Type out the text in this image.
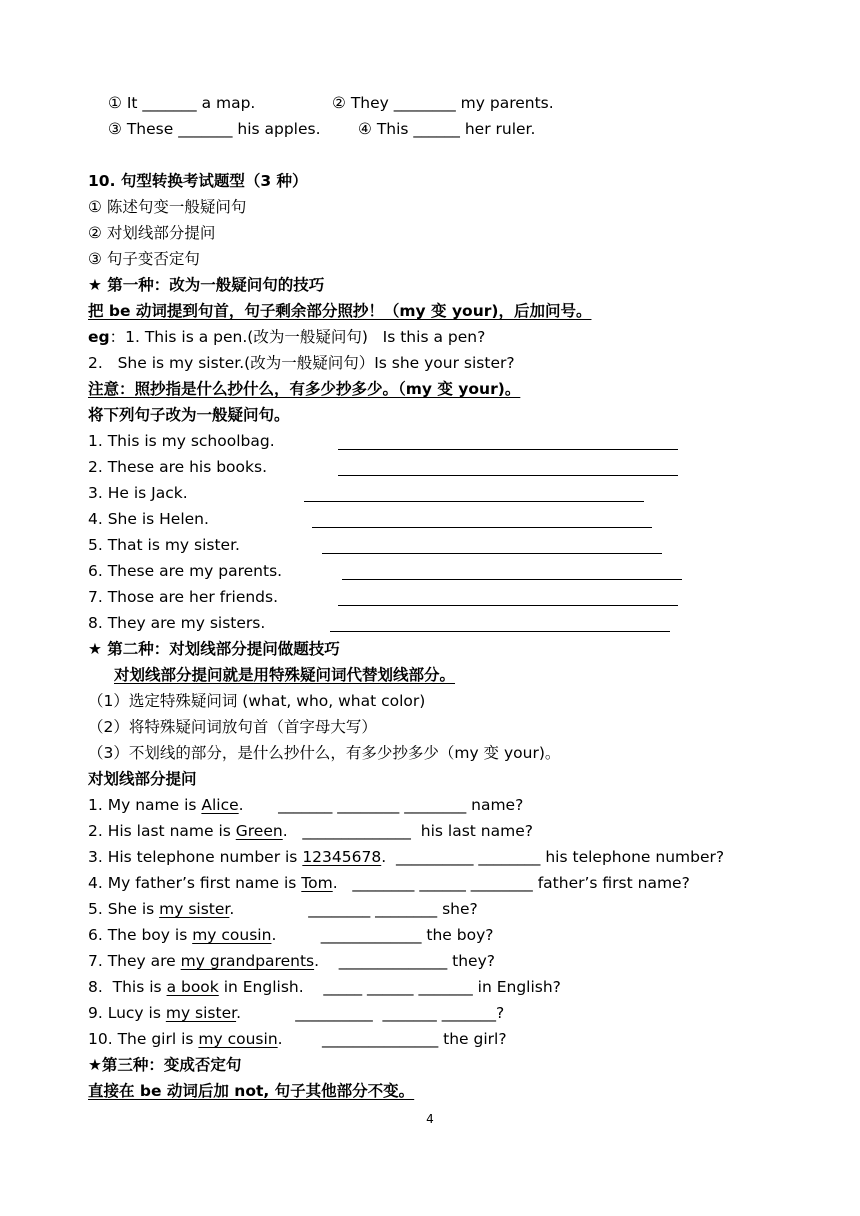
① It _______ a map.	② They ________ my parents.
③ These _______ his apples. ④ This ______ her ruler.
10. 句型转换考试题型（3 种）
① 陈述句变一般疑问句
② 对划线部分提问
③ 句子变否定句
★ 第一种：改为一般疑问句的技巧
把 be 动词提到句首，句子剩余部分照抄！（my 变 your)，后加问号。
eg：1. This is a pen.(改为一般疑问句)   Is this a pen?
2.   She is my sister.(改为一般疑问句）Is she your sister?
注意：照抄指是什么抄什么，有多少抄多少。（my 变 your)。
将下列句子改为一般疑问句。
1. This is my schoolbag.
2. These are his books.
3. He is Jack.
4. She is Helen.
5. That is my sister.
6. These are my parents.
7. Those are her friends.
8. They are my sisters.
★ 第二种：对划线部分提问做题技巧
对划线部分提问就是用特殊疑问词代替划线部分。
（1）选定特殊疑问词 (what, who, what color)
（2）将特殊疑问词放句首（首字母大写）
（3）不划线的部分，是什么抄什么，有多少抄多少（my 变 your)。
对划线部分提问
1. My name is Alice.       _______ ________ ________ name?
2. His last name is Green.   ______________  his last name?
3. His telephone number is 12345678.  __________ ________ his telephone number?
4. My father’s first name is Tom.   ________ ______ ________ father’s first name?
5. She is my sister.               ________ ________ she?
6. The boy is my cousin.         _____________ the boy?
7. They are my grandparents.    ______________ they?
8.  This is a book in English.    _____ ______ _______ in English?
9. Lucy is my sister.           __________  _______ _______?
10. The girl is my cousin.        _______________ the girl?
★第三种：变成否定句
直接在 be 动词后加 not, 句子其他部分不变。
4
